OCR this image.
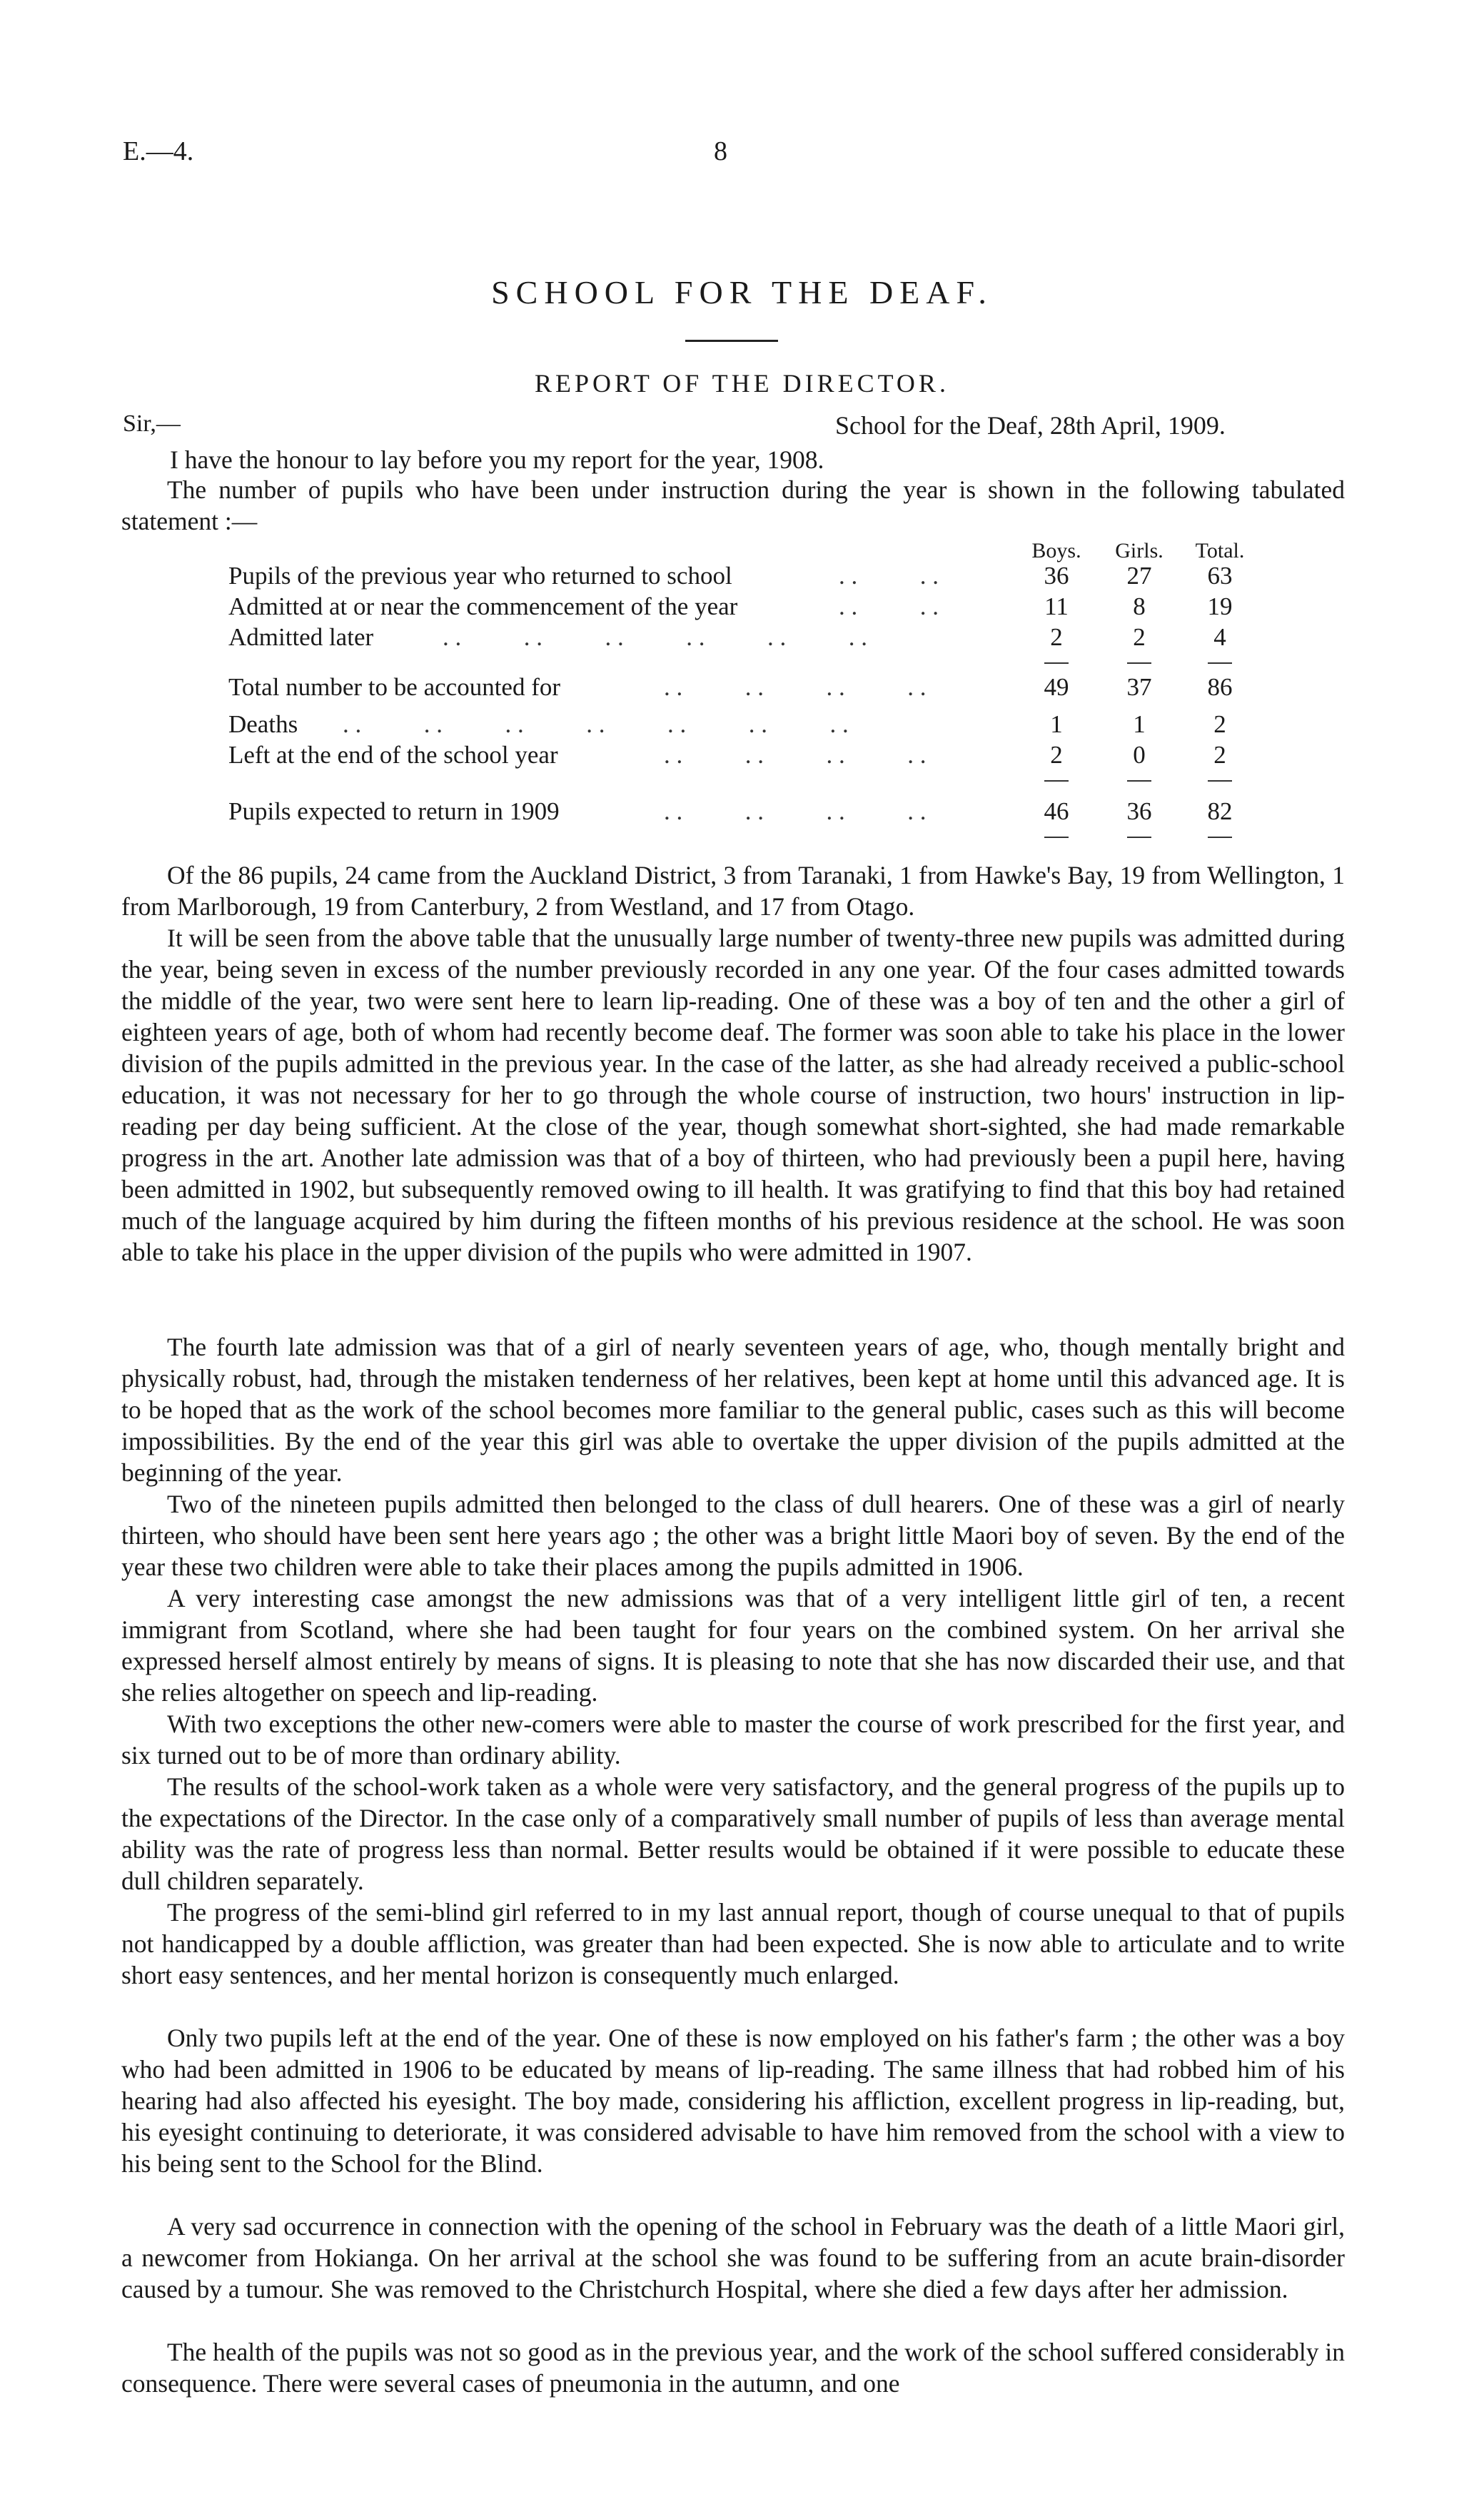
E.—4.	8
SCHOOL FOR THE DEAF.
REPORT OF THE DIRECTOR.
Sir,—	School for the Deaf, 28th April, 1909.
I have the honour to lay before you my report for the year, 1908.
The number of pupils who have been under instruction during the year is shown in the following tabulated statement :—
Boys. Girls.	Total.
Pupils of the previous year who returned to school	. .          . .	36	27	63
Admitted at or near the commencement of the year	. .          . .	11	8	19
Admitted later	. .          . .          . .          . .          . .          . .	2	2	4
Total number to be accounted for	. .          . .          . .          . .	49	37	86
Deaths . .          . .          . .          . .          . .          . .          . .	1	1	2
Left at the end of the school year	. .          . .          . .          . .	2	0	2
Pupils expected to return in 1909	. .          . .          . .          . .	46	36	82
Of the 86 pupils, 24 came from the Auckland District, 3 from Taranaki, 1 from Hawke's Bay, 19 from Wellington, 1 from Marlborough, 19 from Canterbury, 2 from Westland, and 17 from Otago.
It will be seen from the above table that the unusually large number of twenty-three new pupils was admitted during the year, being seven in excess of the number previously recorded in any one year. Of the four cases admitted towards the middle of the year, two were sent here to learn lip-reading. One of these was a boy of ten and the other a girl of eighteen years of age, both of whom had recently become deaf. The former was soon able to take his place in the lower division of the pupils admitted in the previous year. In the case of the latter, as she had already received a public-school education, it was not necessary for her to go through the whole course of instruction, two hours' instruction in lip-reading per day being sufficient. At the close of the year, though somewhat short-sighted, she had made remarkable progress in the art. Another late admission was that of a boy of thirteen, who had previously been a pupil here, having been admitted in 1902, but subsequently removed owing to ill health. It was gratifying to find that this boy had retained much of the language acquired by him during the fifteen months of his previous residence at the school. He was soon able to take his place in the upper division of the pupils who were admitted in 1907.
The fourth late admission was that of a girl of nearly seventeen years of age, who, though mentally bright and physically robust, had, through the mistaken tenderness of her relatives, been kept at home until this advanced age. It is to be hoped that as the work of the school becomes more familiar to the general public, cases such as this will become impossibilities. By the end of the year this girl was able to overtake the upper division of the pupils admitted at the beginning of the year.
Two of the nineteen pupils admitted then belonged to the class of dull hearers. One of these was a girl of nearly thirteen, who should have been sent here years ago ; the other was a bright little Maori boy of seven. By the end of the year these two children were able to take their places among the pupils admitted in 1906.
A very interesting case amongst the new admissions was that of a very intelligent little girl of ten, a recent immigrant from Scotland, where she had been taught for four years on the combined system. On her arrival she expressed herself almost entirely by means of signs. It is pleasing to note that she has now discarded their use, and that she relies altogether on speech and lip-reading.
With two exceptions the other new-comers were able to master the course of work prescribed for the first year, and six turned out to be of more than ordinary ability.
The results of the school-work taken as a whole were very satisfactory, and the general progress of the pupils up to the expectations of the Director. In the case only of a comparatively small number of pupils of less than average mental ability was the rate of progress less than normal. Better results would be obtained if it were possible to educate these dull children separately.
The progress of the semi-blind girl referred to in my last annual report, though of course unequal to that of pupils not handicapped by a double affliction, was greater than had been expected. She is now able to articulate and to write short easy sentences, and her mental horizon is consequently much enlarged.
Only two pupils left at the end of the year. One of these is now employed on his father's farm ; the other was a boy who had been admitted in 1906 to be educated by means of lip-reading. The same illness that had robbed him of his hearing had also affected his eyesight. The boy made, considering his affliction, excellent progress in lip-reading, but, his eyesight continuing to deteriorate, it was considered advisable to have him removed from the school with a view to his being sent to the School for the Blind.
A very sad occurrence in connection with the opening of the school in February was the death of a little Maori girl, a newcomer from Hokianga. On her arrival at the school she was found to be suffering from an acute brain-disorder caused by a tumour. She was removed to the Christchurch Hospital, where she died a few days after her admission.
The health of the pupils was not so good as in the previous year, and the work of the school suffered considerably in consequence. There were several cases of pneumonia in the autumn, and one
